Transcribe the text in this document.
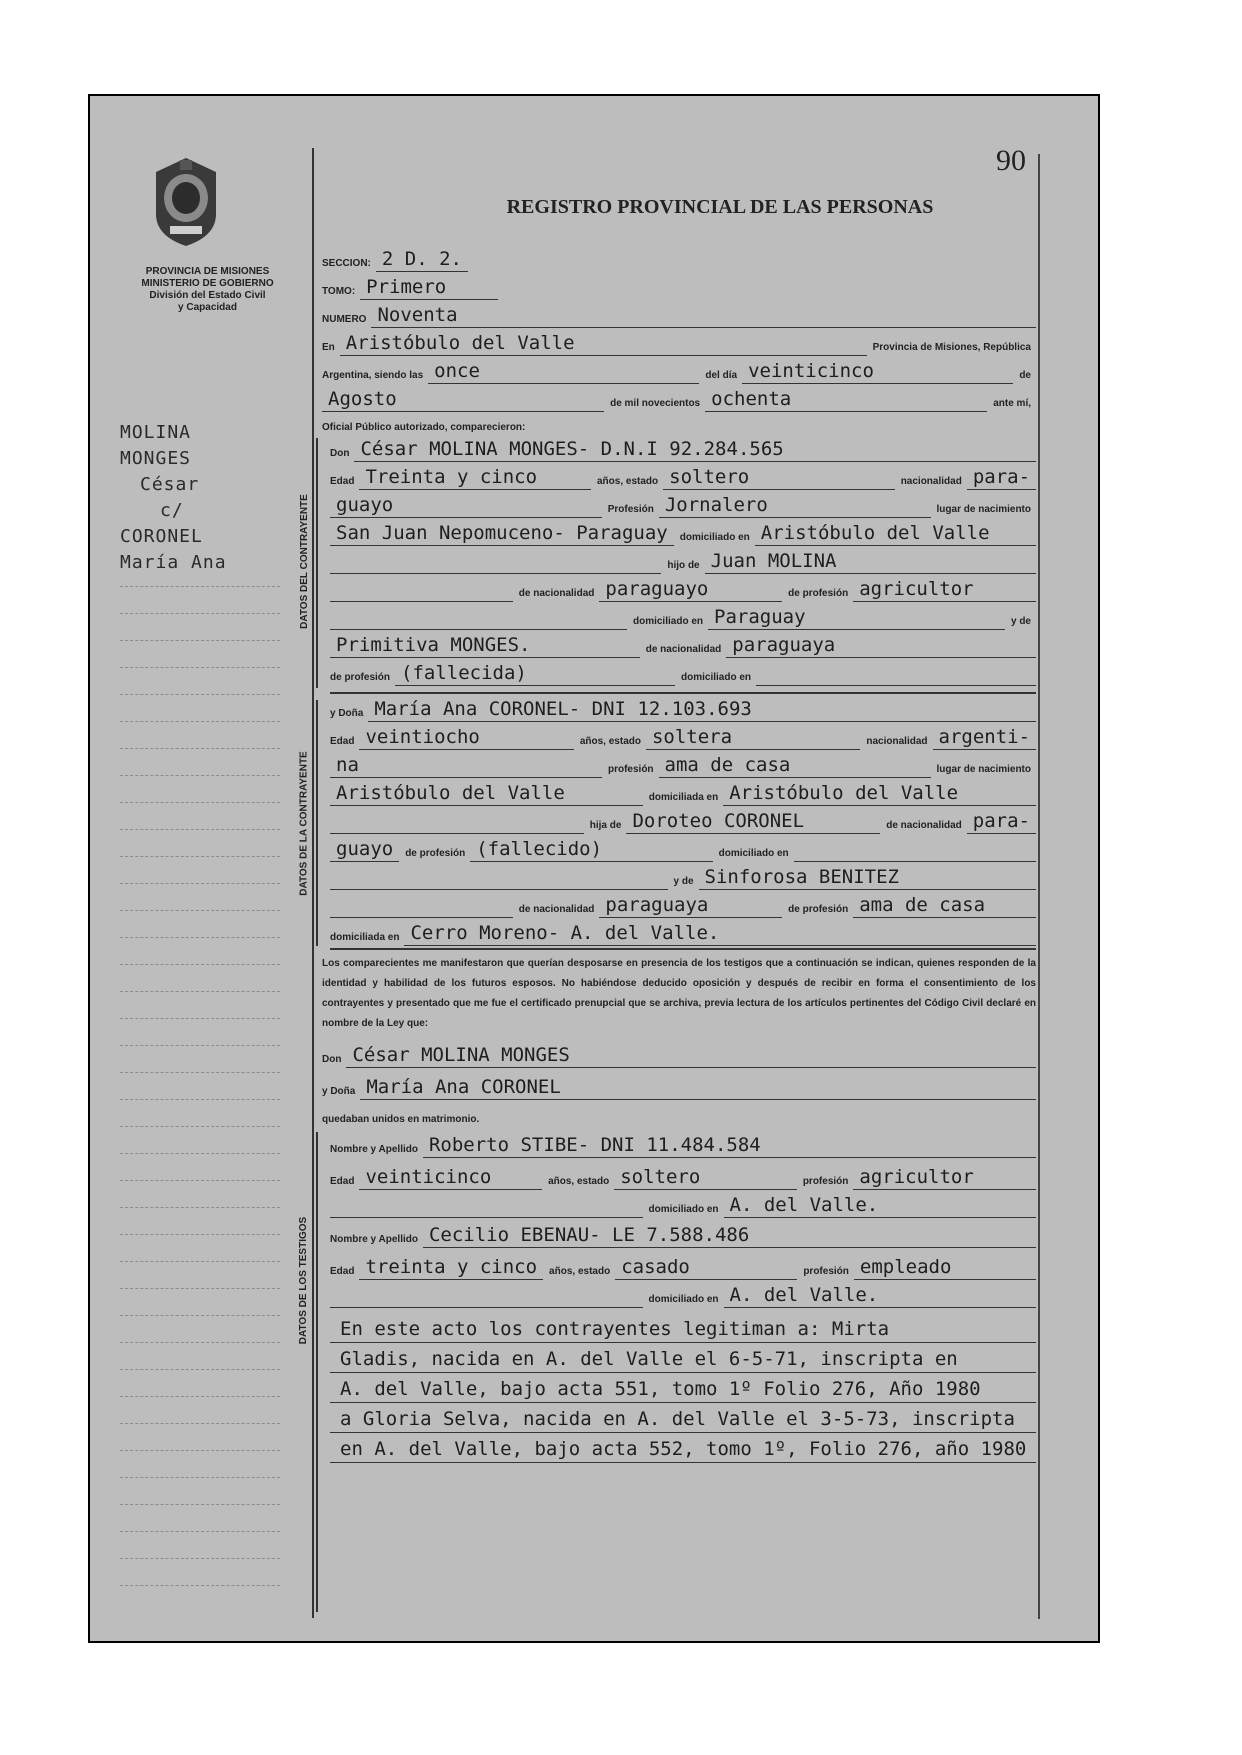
PROVINCIA DE MISIONES
MINISTERIO DE GOBIERNO
División del Estado Civil
y Capacidad
MOLINA
MONGES
César
c/
CORONEL
María Ana
90
REGISTRO PROVINCIAL DE LAS PERSONAS
SECCION: 2 D. 2.
TOMO: Primero
NUMERO Noventa
En Aristóbulo del Valle	Provincia de Misiones, República
Argentina, siendo las once	del día veinticinco	de
Agosto	de mil novecientos ochenta	ante mí,
Oficial Público autorizado, comparecieron:
DATOS DEL CONTRAYENTE
Don César MOLINA MONGES- D.N.I 92.284.565
Edad Treinta y cinco	años, estado soltero	nacionalidad para-
guayo	Profesión Jornalero	lugar de nacimiento
San Juan Nepomuceno- Paraguay	domiciliado en Aristóbulo del Valle
hijo de Juan MOLINA
de nacionalidad paraguayo	de profesión agricultor
domiciliado en Paraguay	y de
Primitiva MONGES.	de nacionalidad paraguaya
de profesión (fallecida)	domiciliado en
DATOS DE LA CONTRAYENTE
y Doña María Ana CORONEL- DNI 12.103.693
Edad veintiocho	años, estado soltera	nacionalidad argenti-
na	profesión ama de casa	lugar de nacimiento
Aristóbulo del Valle	domiciliada en Aristóbulo del Valle
hija de Doroteo CORONEL	de nacionalidad para-
guayo	de profesión (fallecido)	domiciliado en
y de Sinforosa BENITEZ
de nacionalidad paraguaya	de profesión ama de casa
domiciliada en Cerro Moreno- A. del Valle.
Los comparecientes me manifestaron que querían desposarse en presencia de los testigos que a continuación se indican, quienes responden de la identidad y habilidad de los futuros esposos. No habiéndose deducido oposición y después de recibir en forma el consentimiento de los contrayentes y presentado que me fue el certificado prenupcial que se archiva, previa lectura de los artículos pertinentes del Código Civil declaré en nombre de la Ley que:
Don César MOLINA MONGES
y Doña María Ana CORONEL
quedaban unidos en matrimonio.
DATOS DE LOS TESTIGOS
Nombre y Apellido Roberto STIBE- DNI 11.484.584
Edad veinticinco	años, estado soltero	profesión agricultor
domiciliado en A. del Valle.
Nombre y Apellido Cecilio EBENAU- LE 7.588.486
Edad treinta y cinco	años, estado casado	profesión empleado
domiciliado en A. del Valle.
En este acto los contrayentes legitiman a: Mirta
Gladis, nacida en A. del Valle el 6-5-71, inscripta en
A. del Valle, bajo acta 551, tomo 1º Folio 276, Año 1980
a Gloria Selva, nacida en A. del Valle el 3-5-73, inscripta
en A. del Valle, bajo acta 552, tomo 1º, Folio 276, año 1980
